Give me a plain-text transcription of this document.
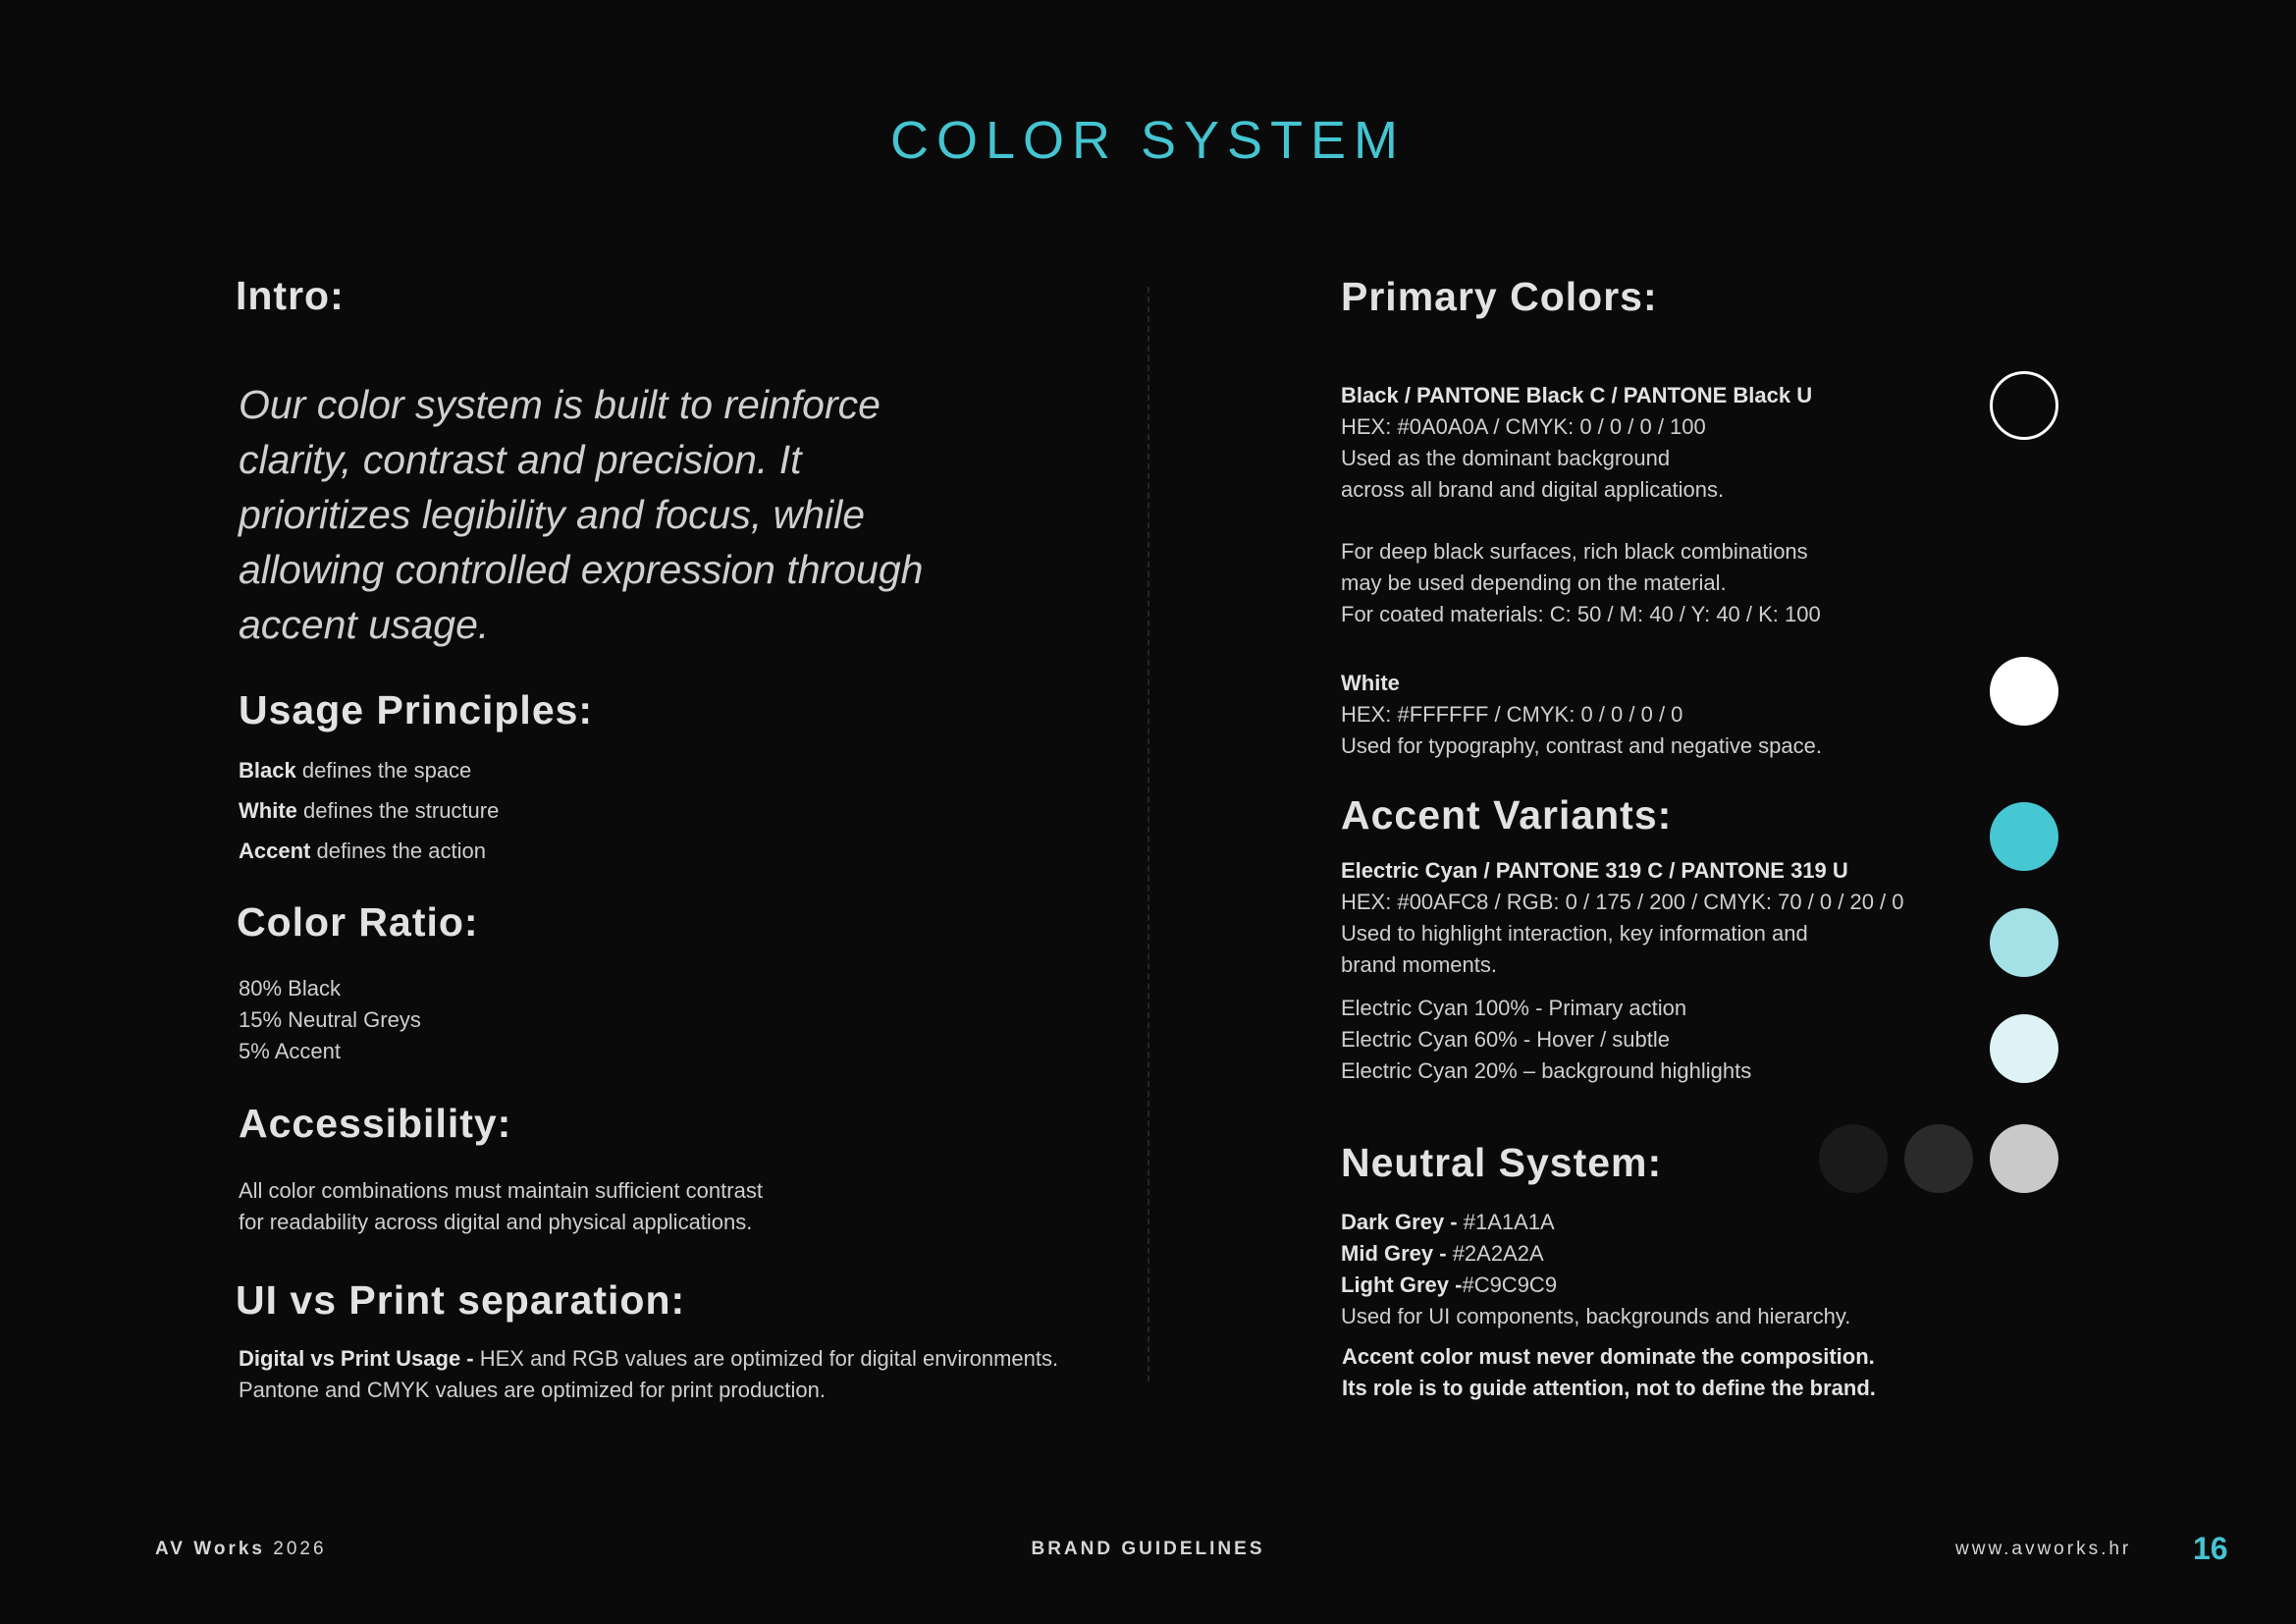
COLOR SYSTEM
Intro:
Our color system is built to reinforce clarity, contrast and precision. It prioritizes legibility and focus, while allowing controlled expression through accent usage.
Usage Principles:
Black defines the space
White defines the structure
Accent defines the action
Color Ratio:
80% Black
15% Neutral Greys
5% Accent
Accessibility:
All color combinations must maintain sufficient contrast
for readability across digital and physical applications.
UI vs Print separation:
Digital vs Print Usage - HEX and RGB values are optimized for digital environments.
Pantone and CMYK values are optimized for print production.
Primary Colors:
Black / PANTONE Black C / PANTONE Black U
HEX: #0A0A0A / CMYK: 0 / 0 / 0 / 100
Used as the dominant background
across all brand and digital applications.
For deep black surfaces, rich black combinations
may be used depending on the material.
For coated materials: C: 50 / M: 40 / Y: 40 / K: 100
White
HEX: #FFFFFF / CMYK: 0 / 0 / 0 / 0
Used for typography, contrast and negative space.
Accent Variants:
Electric Cyan / PANTONE 319 C / PANTONE 319 U
HEX: #00AFC8 / RGB: 0 / 175 / 200 / CMYK: 70 / 0 / 20 / 0
Used to highlight interaction, key information and
brand moments.
Electric Cyan 100% - Primary action
Electric Cyan 60% - Hover / subtle
Electric Cyan 20% – background highlights
Neutral System:
Dark Grey - #1A1A1A
Mid Grey - #2A2A2A
Light Grey -#C9C9C9
Used for UI components, backgrounds and hierarchy.
Accent color must never dominate the composition.
Its role is to guide attention, not to define the brand.
AV Works 2026	BRAND GUIDELINES	www.avworks.hr 16
